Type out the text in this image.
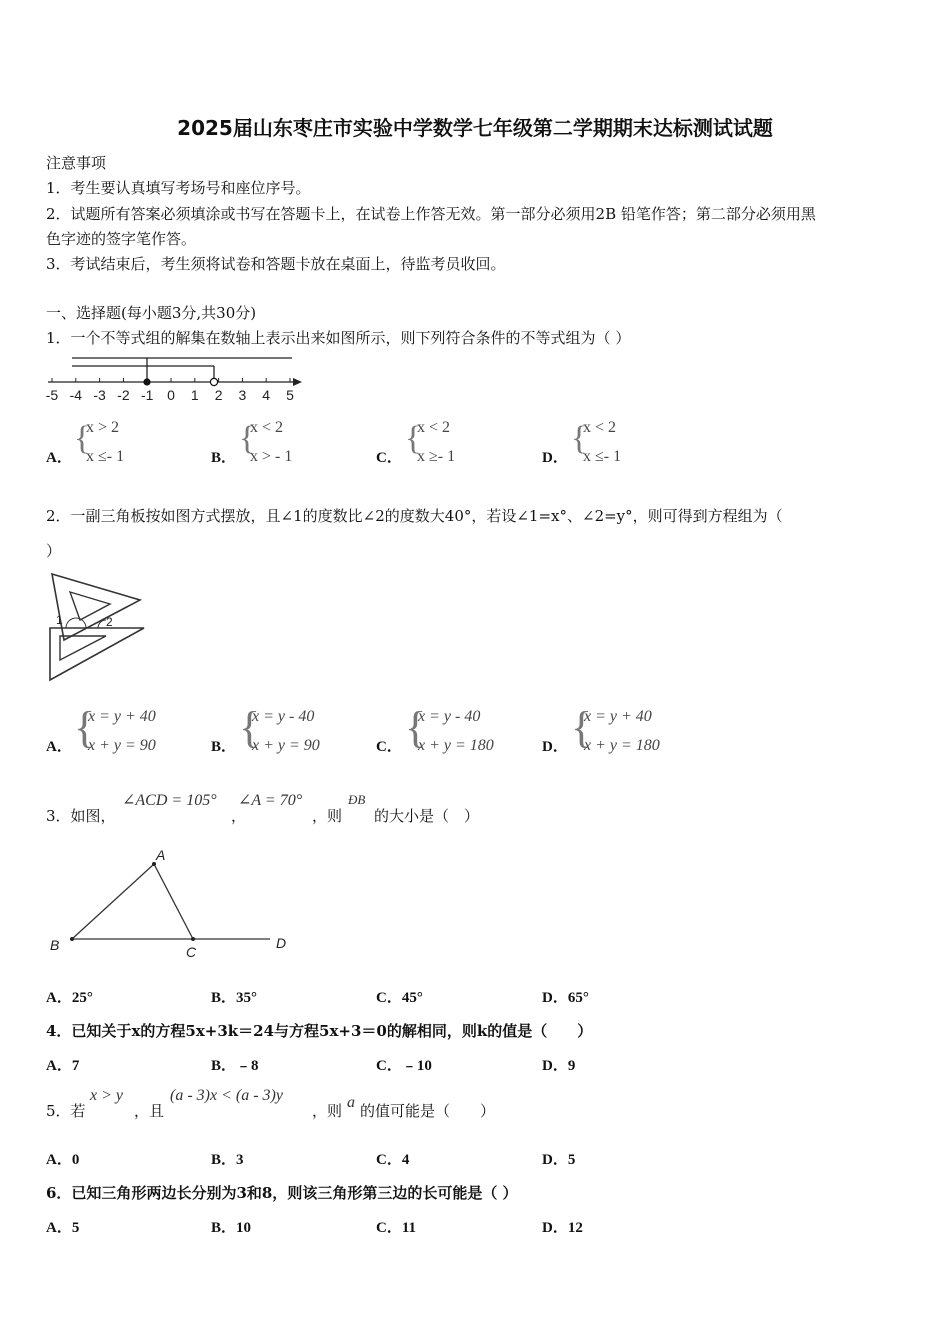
2025届山东枣庄市实验中学数学七年级第二学期期末达标测试试题
注意事项
1．考生要认真填写考场号和座位序号。
2．试题所有答案必须填涂或书写在答题卡上，在试卷上作答无效。第一部分必须用2B 铅笔作答；第二部分必须用黑
色字迹的签字笔作答。
3．考试结束后，考生须将试卷和答题卡放在桌面上，待监考员收回。
一、选择题(每小题3分,共30分)
1．一个不等式组的解集在数轴上表示出来如图所示，则下列符合条件的不等式组为（ ）
-5 -4 -3 -2 -1 0 1 2 3 4 5
A．
{
x > 2
x ≤- 1	B．
{
x < 2
x > - 1	C．
{
x < 2
x ≥- 1	D．
{
x < 2
x ≤- 1
2．一副三角板按如图方式摆放，且∠1的度数比∠2的度数大40°，若设∠1=x°、∠2=y°，则可得到方程组为（
）
1	2
A． {
x = y + 40
x + y = 90	B． {
x = y - 40
x + y = 90	C． {
x = y - 40
x + y = 180	D． {
x = y + 40
x + y = 180
3．如图，
∠ACD = 105°
，
∠A = 70°
，则
ÐB
的大小是（　）
A
B	C
D
A．25°	B．35°	C．45°	D．65°
4．已知关于x的方程5x+3k＝24与方程5x+3＝0的解相同，则k的值是（　　）
A．7	B．﹣8	C．﹣10	D．9
5．若
x > y
，且
(a - 3)x < (a - 3)y
，则 a 的值可能是（　　）
A．0	B．3	C．4	D．5
6．已知三角形两边长分别为3和8，则该三角形第三边的长可能是（ ）
A．5	B．10	C．11	D．12
